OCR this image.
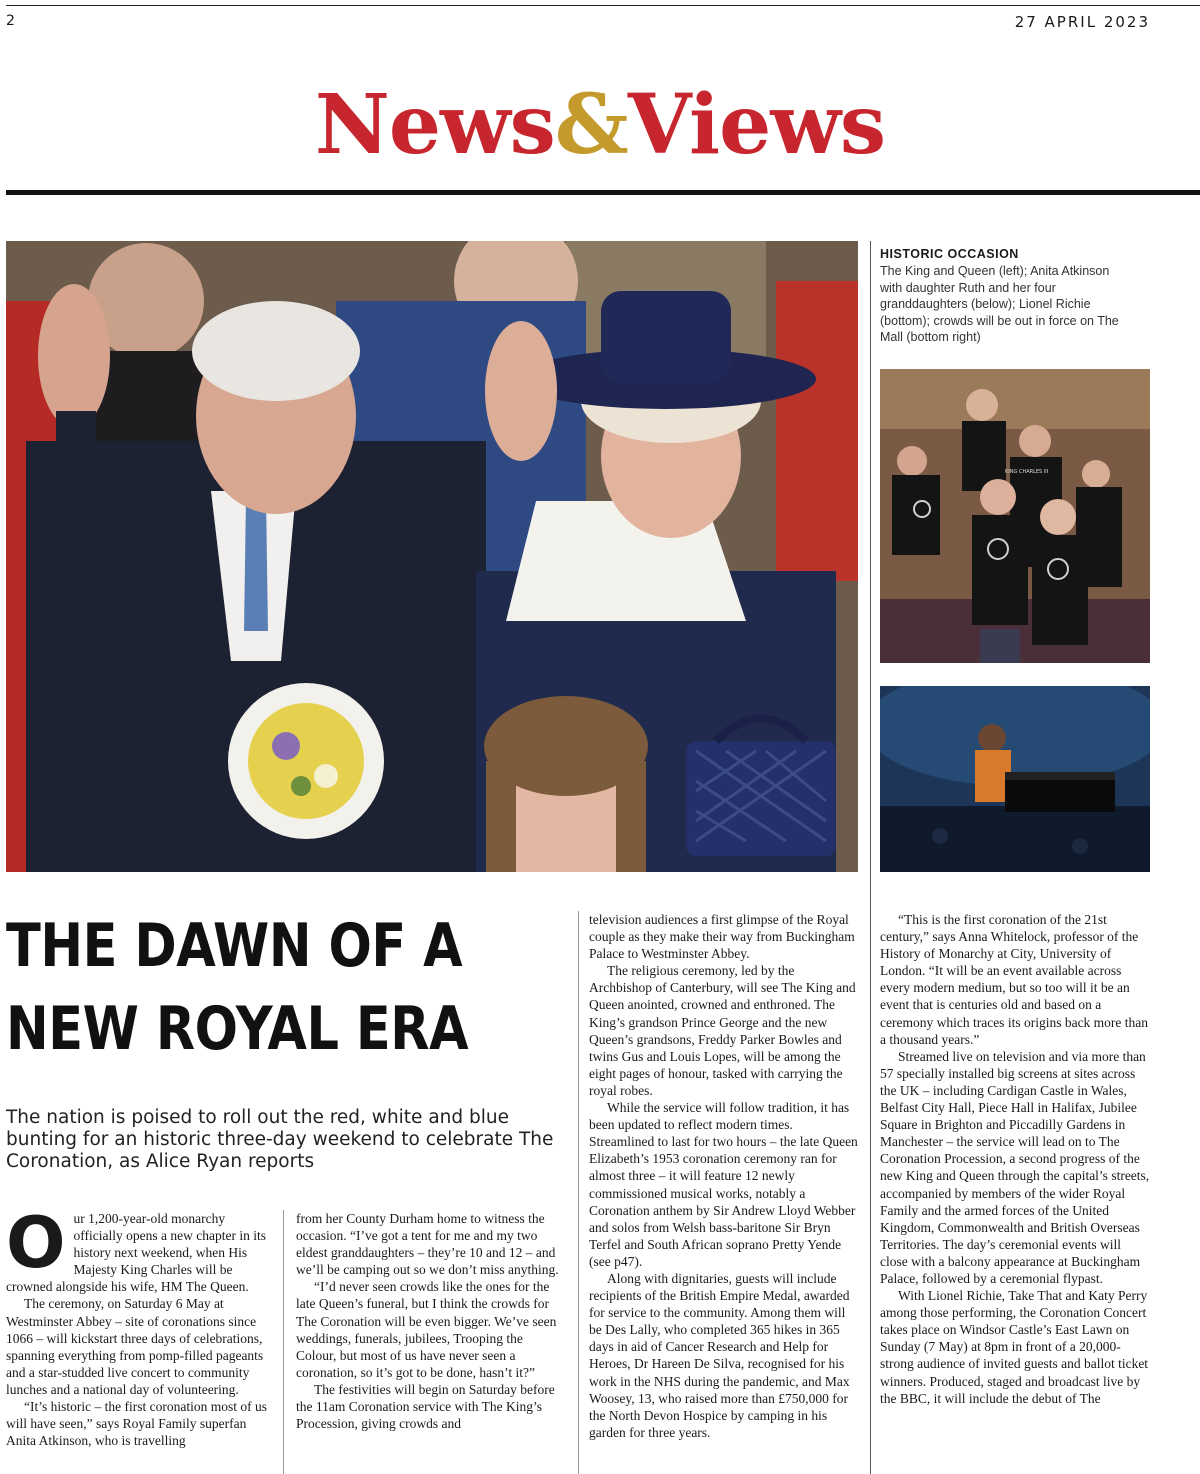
2	27 APRIL 2023
News&Views
HISTORIC OCCASION
The King and Queen (left); Anita Atkinson with daughter Ruth and her four granddaughters (below); Lionel Richie (bottom); crowds will be out in force on The Mall (bottom right)
KING CHARLES III
THE DAWN OF A
NEW ROYAL ERA
The nation is poised to roll out the red, white and blue bunting for an historic three-day weekend to celebrate The Coronation, as Alice Ryan reports

Our 1,200-year-old monarchy officially opens a new chapter in its history next weekend, when His Majesty King Charles will be crowned alongside his wife, HM The Queen.

The ceremony, on Saturday 6 May at Westminster Abbey – site of coronations since 1066 – will kickstart three days of celebrations, spanning everything from pomp-filled pageants and a star-studded live concert to community lunches and a national day of volunteering.

“It’s historic – the first coronation most of us will have seen,” says Royal Family superfan Anita Atkinson, who is travelling

from her County Durham home to witness the occasion. “I’ve got a tent for me and my two eldest granddaughters – they’re 10 and 12 – and we’ll be camping out so we don’t miss anything.

“I’d never seen crowds like the ones for the late Queen’s funeral, but I think the crowds for The Coronation will be even bigger. We’ve seen weddings, funerals, jubilees, Trooping the Colour, but most of us have never seen a coronation, so it’s got to be done, hasn’t it?”

The festivities will begin on Saturday before the 11am Coronation service with The King’s Procession, giving crowds and

television audiences a first glimpse of the Royal couple as they make their way from Buckingham Palace to Westminster Abbey.

The religious ceremony, led by the Archbishop of Canterbury, will see The King and Queen anointed, crowned and enthroned. The King’s grandson Prince George and the new Queen’s grandsons, Freddy Parker Bowles and twins Gus and Louis Lopes, will be among the eight pages of honour, tasked with carrying the royal robes.

While the service will follow tradition, it has been updated to reflect modern times. Streamlined to last for two hours – the late Queen Elizabeth’s 1953 coronation ceremony ran for almost three – it will feature 12 newly commissioned musical works, notably a Coronation anthem by Sir Andrew Lloyd Webber and solos from Welsh bass-baritone Sir Bryn Terfel and South African soprano Pretty Yende (see p47).

Along with dignitaries, guests will include recipients of the British Empire Medal, awarded for service to the community. Among them will be Des Lally, who completed 365 hikes in 365 days in aid of Cancer Research and Help for Heroes, Dr Hareen De Silva, recognised for his work in the NHS during the pandemic, and Max Woosey, 13, who raised more than £750,000 for the North Devon Hospice by camping in his garden for three years.

“This is the first coronation of the 21st century,” says Anna Whitelock, professor of the History of Monarchy at City, University of London. “It will be an event available across every modern medium, but so too will it be an event that is centuries old and based on a ceremony which traces its origins back more than a thousand years.”

Streamed live on television and via more than 57 specially installed big screens at sites across the UK – including Cardigan Castle in Wales, Belfast City Hall, Piece Hall in Halifax, Jubilee Square in Brighton and Piccadilly Gardens in Manchester – the service will lead on to The Coronation Procession, a second progress of the new King and Queen through the capital’s streets, accompanied by members of the wider Royal Family and the armed forces of the United Kingdom, Commonwealth and British Overseas Territories. The day’s ceremonial events will close with a balcony appearance at Buckingham Palace, followed by a ceremonial flypast.

With Lionel Richie, Take That and Katy Perry among those performing, the Coronation Concert takes place on Windsor Castle’s East Lawn on Sunday (7 May) at 8pm in front of a 20,000-strong audience of invited guests and ballot ticket winners. Produced, staged and broadcast live by the BBC, it will include the debut of The
